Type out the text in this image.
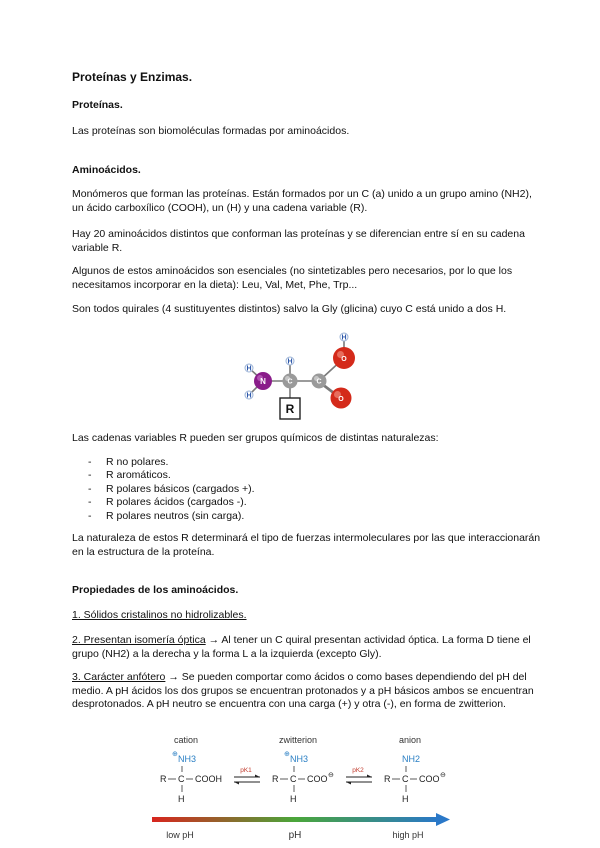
Proteínas y Enzimas.
Proteínas.
Las proteínas son biomoléculas formadas por aminoácidos.
Aminoácidos.
Monómeros que forman las proteínas. Están formados por un C (a) unido a un grupo amino (NH2), un ácido carboxílico (COOH), un (H) y una cadena variable (R).
Hay 20 aminoácidos distintos que conforman las proteínas y se diferencian entre sí en su cadena variable R.
Algunos de estos aminoácidos son esenciales (no sintetizables pero necesarios, por lo que los necesitamos incorporar en la dieta): Leu, Val, Met, Phe, Trp...
Son todos quirales (4 sustituyentes distintos) salvo la Gly (glicina) cuyo C está unido a dos H.
H
H
H
H
N	C	C
O
O
R
Las cadenas variables R pueden ser grupos químicos de distintas naturalezas:
- R no polares.
- R aromáticos.
- R polares básicos (cargados +).
- R polares ácidos (cargados -).
- R polares neutros (sin carga).
La naturaleza de estos R determinará el tipo de fuerzas intermoleculares por las que interaccionarán en la estructura de la proteína.
Propiedades de los aminoácidos.
1. Sólidos cristalinos no hidrolizables.
2. Presentan isomería óptica → Al tener un C quiral presentan actividad óptica. La forma D tiene el grupo (NH2) a la derecha y la forma L a la izquierda (excepto Gly).
3. Carácter anfótero → Se pueden comportar como ácidos o como bases dependiendo del pH del medio. A pH ácidos los dos grupos se encuentran protonados y a pH básicos ambos se encuentran desprotonados. A pH neutro se encuentra con una carga (+) y otra (-), en forma de zwitterion.
cation	zwitterion	anion
⊕ NH3
R C COOH
H
pK1
⊕ NH3
R C COO ⊖
H
pK2
NH2
R C COO ⊖
H
low pH	pH	high pH
